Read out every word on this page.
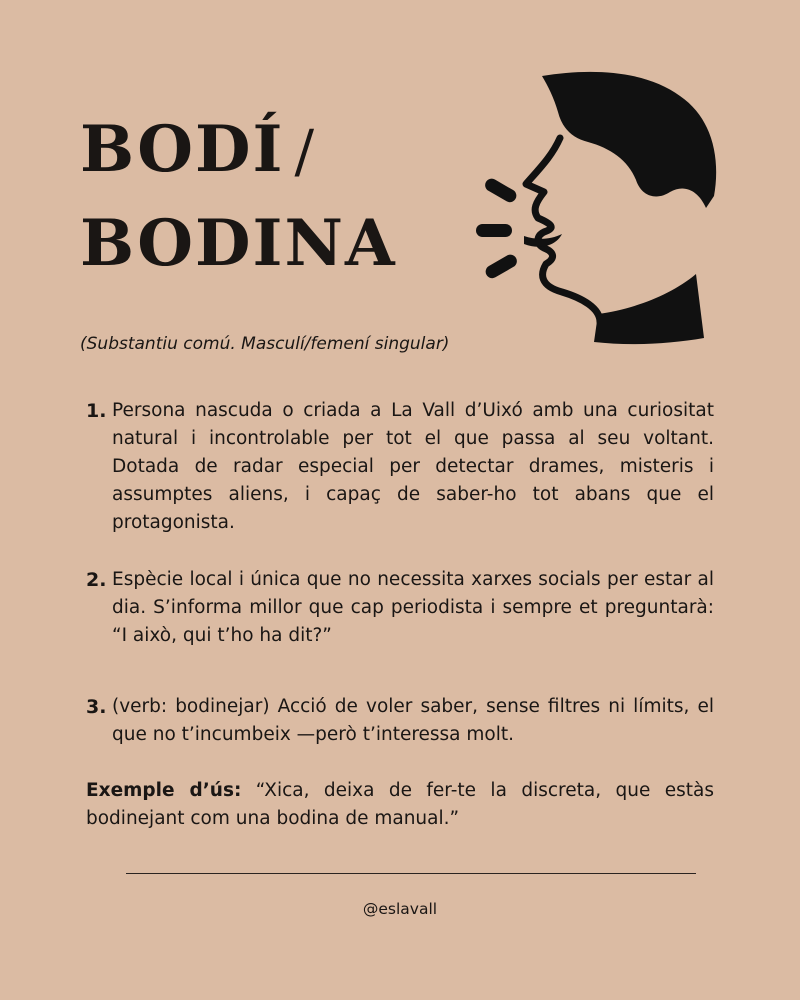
BODÍ /
BODINA
(Substantiu comú. Masculí/femení singular)
1. Persona nascuda o criada a La Vall d’Uixó amb una curiositat natural i incontrolable per tot el que passa al seu voltant. Dotada de radar especial per detectar drames, misteris i assumptes aliens, i capaç de saber-ho tot abans que el protagonista.

2. Espècie local i única que no necessita xarxes socials per estar al dia. S’informa millor que cap periodista i sempre et preguntarà: “I això, qui t’ho ha dit?”

3. (verb: bodinejar) Acció de voler saber, sense filtres ni límits, el que no t’incumbeix —però t’interessa molt.

Exemple d’ús: “Xica, deixa de fer-te la discreta, que estàs bodinejant com una bodina de manual.”

@eslavall
